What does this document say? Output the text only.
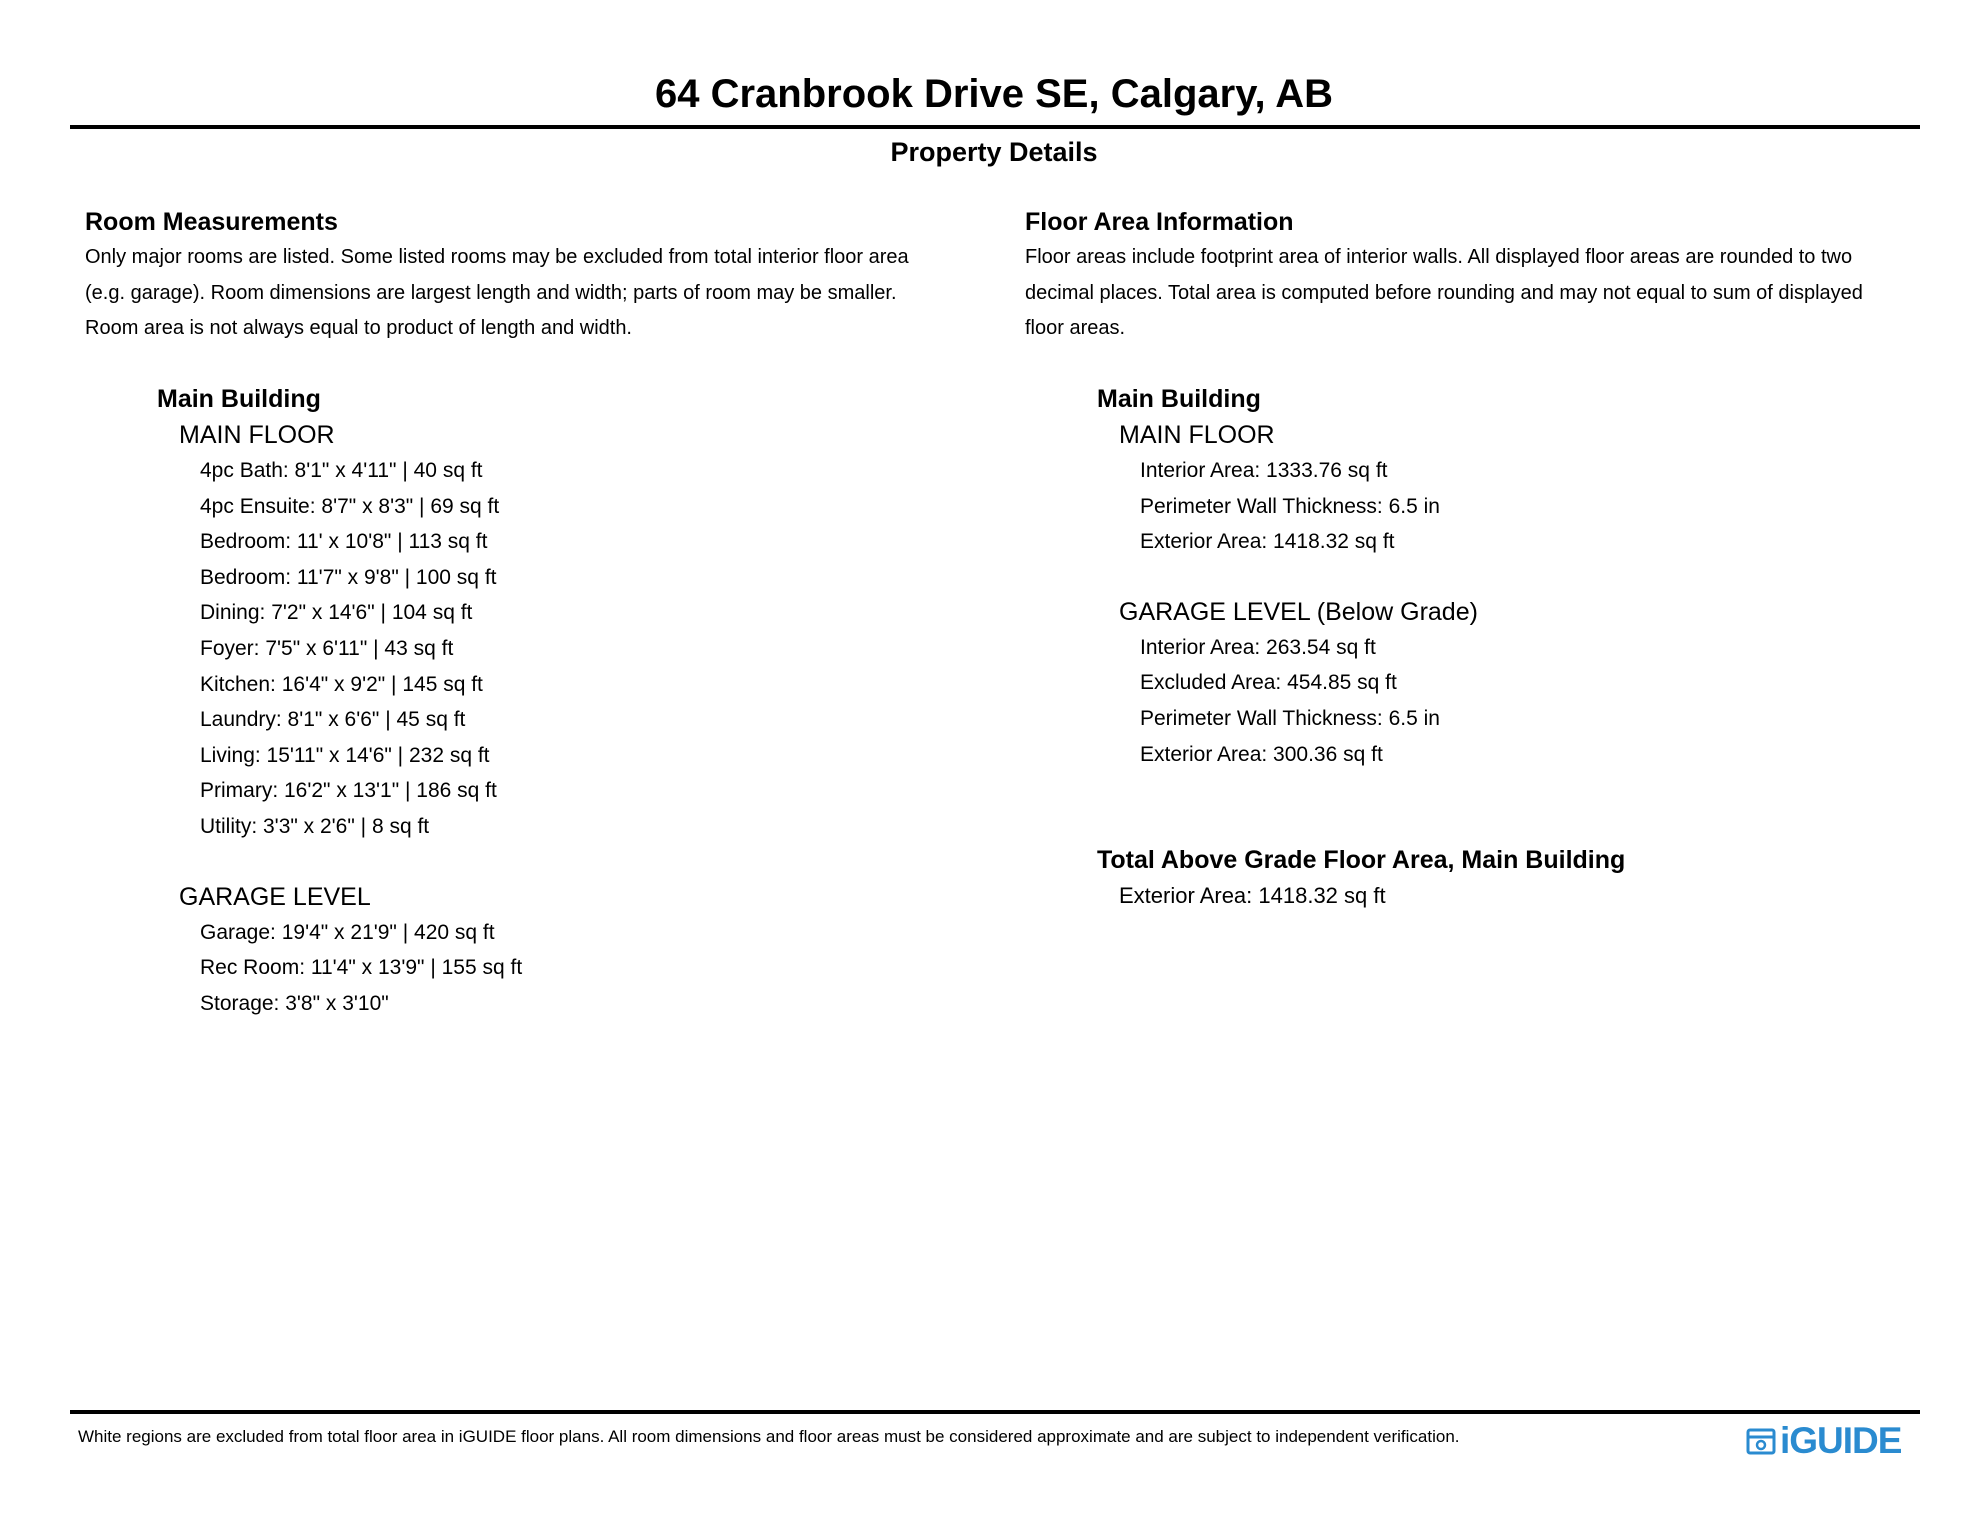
64 Cranbrook Drive SE, Calgary, AB
Property Details
Room Measurements

Only major rooms are listed. Some listed rooms may be excluded from total interior floor area

(e.g. garage). Room dimensions are largest length and width; parts of room may be smaller.

Room area is not always equal to product of length and width.

Main Building
MAIN FLOOR
4pc Bath: 8'1" x 4'11" | 40 sq ft
4pc Ensuite: 8'7" x 8'3" | 69 sq ft
Bedroom: 11' x 10'8" | 113 sq ft
Bedroom: 11'7" x 9'8" | 100 sq ft
Dining: 7'2" x 14'6" | 104 sq ft
Foyer: 7'5" x 6'11" | 43 sq ft
Kitchen: 16'4" x 9'2" | 145 sq ft
Laundry: 8'1" x 6'6" | 45 sq ft
Living: 15'11" x 14'6" | 232 sq ft
Primary: 16'2" x 13'1" | 186 sq ft
Utility: 3'3" x 2'6" | 8 sq ft
GARAGE LEVEL
Garage: 19'4" x 21'9" | 420 sq ft
Rec Room: 11'4" x 13'9" | 155 sq ft
Storage: 3'8" x 3'10"
Floor Area Information

Floor areas include footprint area of interior walls. All displayed floor areas are rounded to two

decimal places. Total area is computed before rounding and may not equal to sum of displayed

floor areas.

Main Building
MAIN FLOOR
Interior Area: 1333.76 sq ft
Perimeter Wall Thickness: 6.5 in
Exterior Area: 1418.32 sq ft
GARAGE LEVEL (Below Grade)
Interior Area: 263.54 sq ft
Excluded Area: 454.85 sq ft
Perimeter Wall Thickness: 6.5 in
Exterior Area: 300.36 sq ft
Total Above Grade Floor Area, Main Building
Exterior Area: 1418.32 sq ft
White regions are excluded from total floor area in iGUIDE floor plans. All room dimensions and floor areas must be considered approximate and are subject to independent verification.	iGUIDE
